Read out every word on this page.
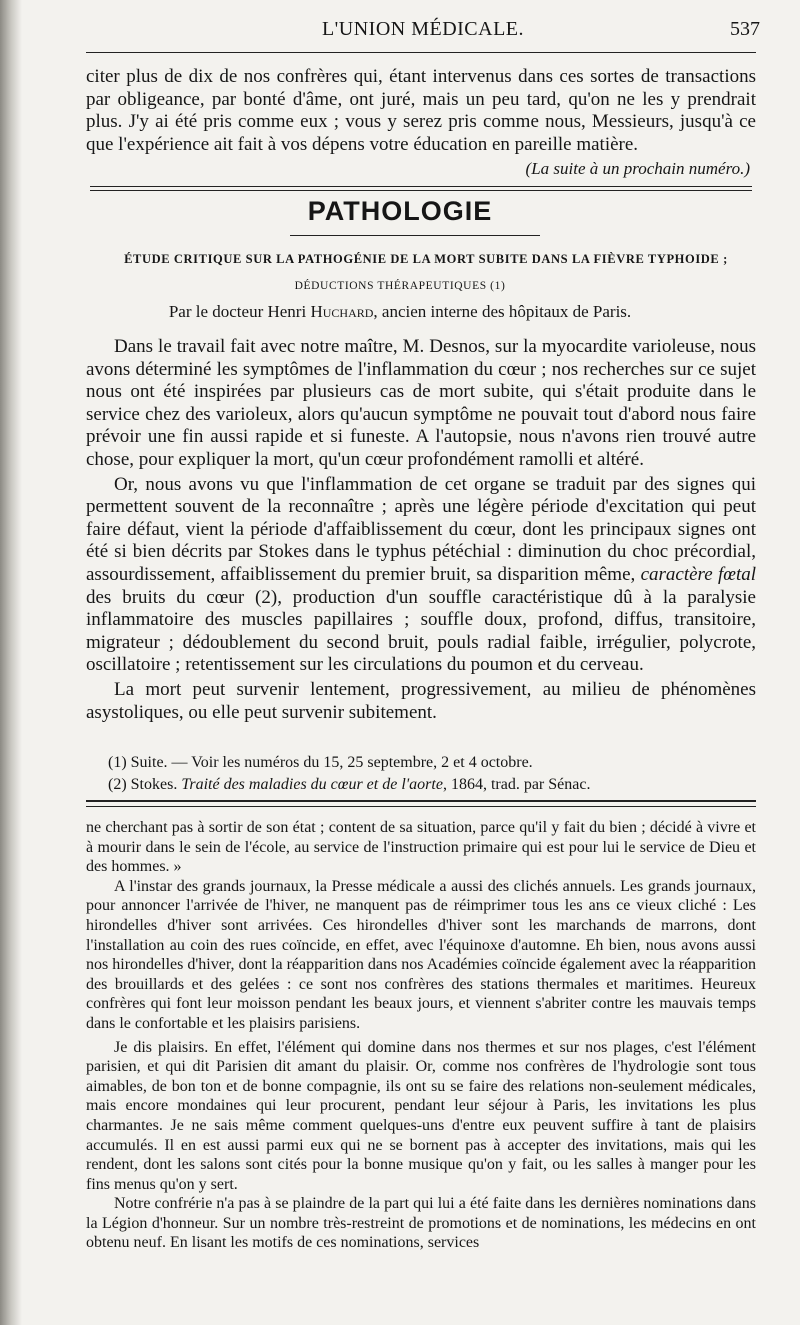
L'UNION MÉDICALE.	537

citer plus de dix de nos confrères qui, étant intervenus dans ces sortes de transactions par obligeance, par bonté d'âme, ont juré, mais un peu tard, qu'on ne les y prendrait plus. J'y ai été pris comme eux ; vous y serez pris comme nous, Messieurs, jusqu'à ce que l'expérience ait fait à vos dépens votre éducation en pareille matière.

(La suite à un prochain numéro.)

PATHOLOGIE
ÉTUDE CRITIQUE SUR LA PATHOGÉNIE DE LA MORT SUBITE DANS LA FIÈVRE TYPHOIDE ;
DÉDUCTIONS THÉRAPEUTIQUES (1)
Par le docteur Henri Huchard, ancien interne des hôpitaux de Paris.

Dans le travail fait avec notre maître, M. Desnos, sur la myocardite varioleuse, nous avons déterminé les symptômes de l'inflammation du cœur ; nos recherches sur ce sujet nous ont été inspirées par plusieurs cas de mort subite, qui s'était produite dans le service chez des varioleux, alors qu'aucun symptôme ne pouvait tout d'abord nous faire prévoir une fin aussi rapide et si funeste. A l'autopsie, nous n'avons rien trouvé autre chose, pour expliquer la mort, qu'un cœur profondément ramolli et altéré.

Or, nous avons vu que l'inflammation de cet organe se traduit par des signes qui permettent souvent de la reconnaître ; après une légère période d'excitation qui peut faire défaut, vient la période d'affaiblissement du cœur, dont les principaux signes ont été si bien décrits par Stokes dans le typhus pétéchial : diminution du choc précordial, assourdissement, affaiblissement du premier bruit, sa disparition même, caractère fœtal des bruits du cœur (2), production d'un souffle caractéristique dû à la paralysie inflammatoire des muscles papillaires ; souffle doux, profond, diffus, transitoire, migrateur ; dédoublement du second bruit, pouls radial faible, irrégulier, polycrote, oscillatoire ; retentissement sur les circulations du poumon et du cerveau.

La mort peut survenir lentement, progressivement, au milieu de phénomènes asystoliques, ou elle peut survenir subitement.

(1) Suite. — Voir les numéros du 15, 25 septembre, 2 et 4 octobre.

(2) Stokes. Traité des maladies du cœur et de l'aorte, 1864, trad. par Sénac.

ne cherchant pas à sortir de son état ; content de sa situation, parce qu'il y fait du bien ; décidé à vivre et à mourir dans le sein de l'école, au service de l'instruction primaire qui est pour lui le service de Dieu et des hommes. »

A l'instar des grands journaux, la Presse médicale a aussi des clichés annuels. Les grands journaux, pour annoncer l'arrivée de l'hiver, ne manquent pas de réimprimer tous les ans ce vieux cliché : Les hirondelles d'hiver sont arrivées. Ces hirondelles d'hiver sont les marchands de marrons, dont l'installation au coin des rues coïncide, en effet, avec l'équinoxe d'automne. Eh bien, nous avons aussi nos hirondelles d'hiver, dont la réapparition dans nos Académies coïncide également avec la réapparition des brouillards et des gelées : ce sont nos confrères des stations thermales et maritimes. Heureux confrères qui font leur moisson pendant les beaux jours, et viennent s'abriter contre les mauvais temps dans le confortable et les plaisirs parisiens.

Je dis plaisirs. En effet, l'élément qui domine dans nos thermes et sur nos plages, c'est l'élément parisien, et qui dit Parisien dit amant du plaisir. Or, comme nos confrères de l'hydrologie sont tous aimables, de bon ton et de bonne compagnie, ils ont su se faire des relations non-seulement médicales, mais encore mondaines qui leur procurent, pendant leur séjour à Paris, les invitations les plus charmantes. Je ne sais même comment quelques-uns d'entre eux peuvent suffire à tant de plaisirs accumulés. Il en est aussi parmi eux qui ne se bornent pas à accepter des invitations, mais qui les rendent, dont les salons sont cités pour la bonne musique qu'on y fait, ou les salles à manger pour les fins menus qu'on y sert.

Notre confrérie n'a pas à se plaindre de la part qui lui a été faite dans les dernières nominations dans la Légion d'honneur. Sur un nombre très-restreint de promotions et de nominations, les médecins en ont obtenu neuf. En lisant les motifs de ces nominations, services
